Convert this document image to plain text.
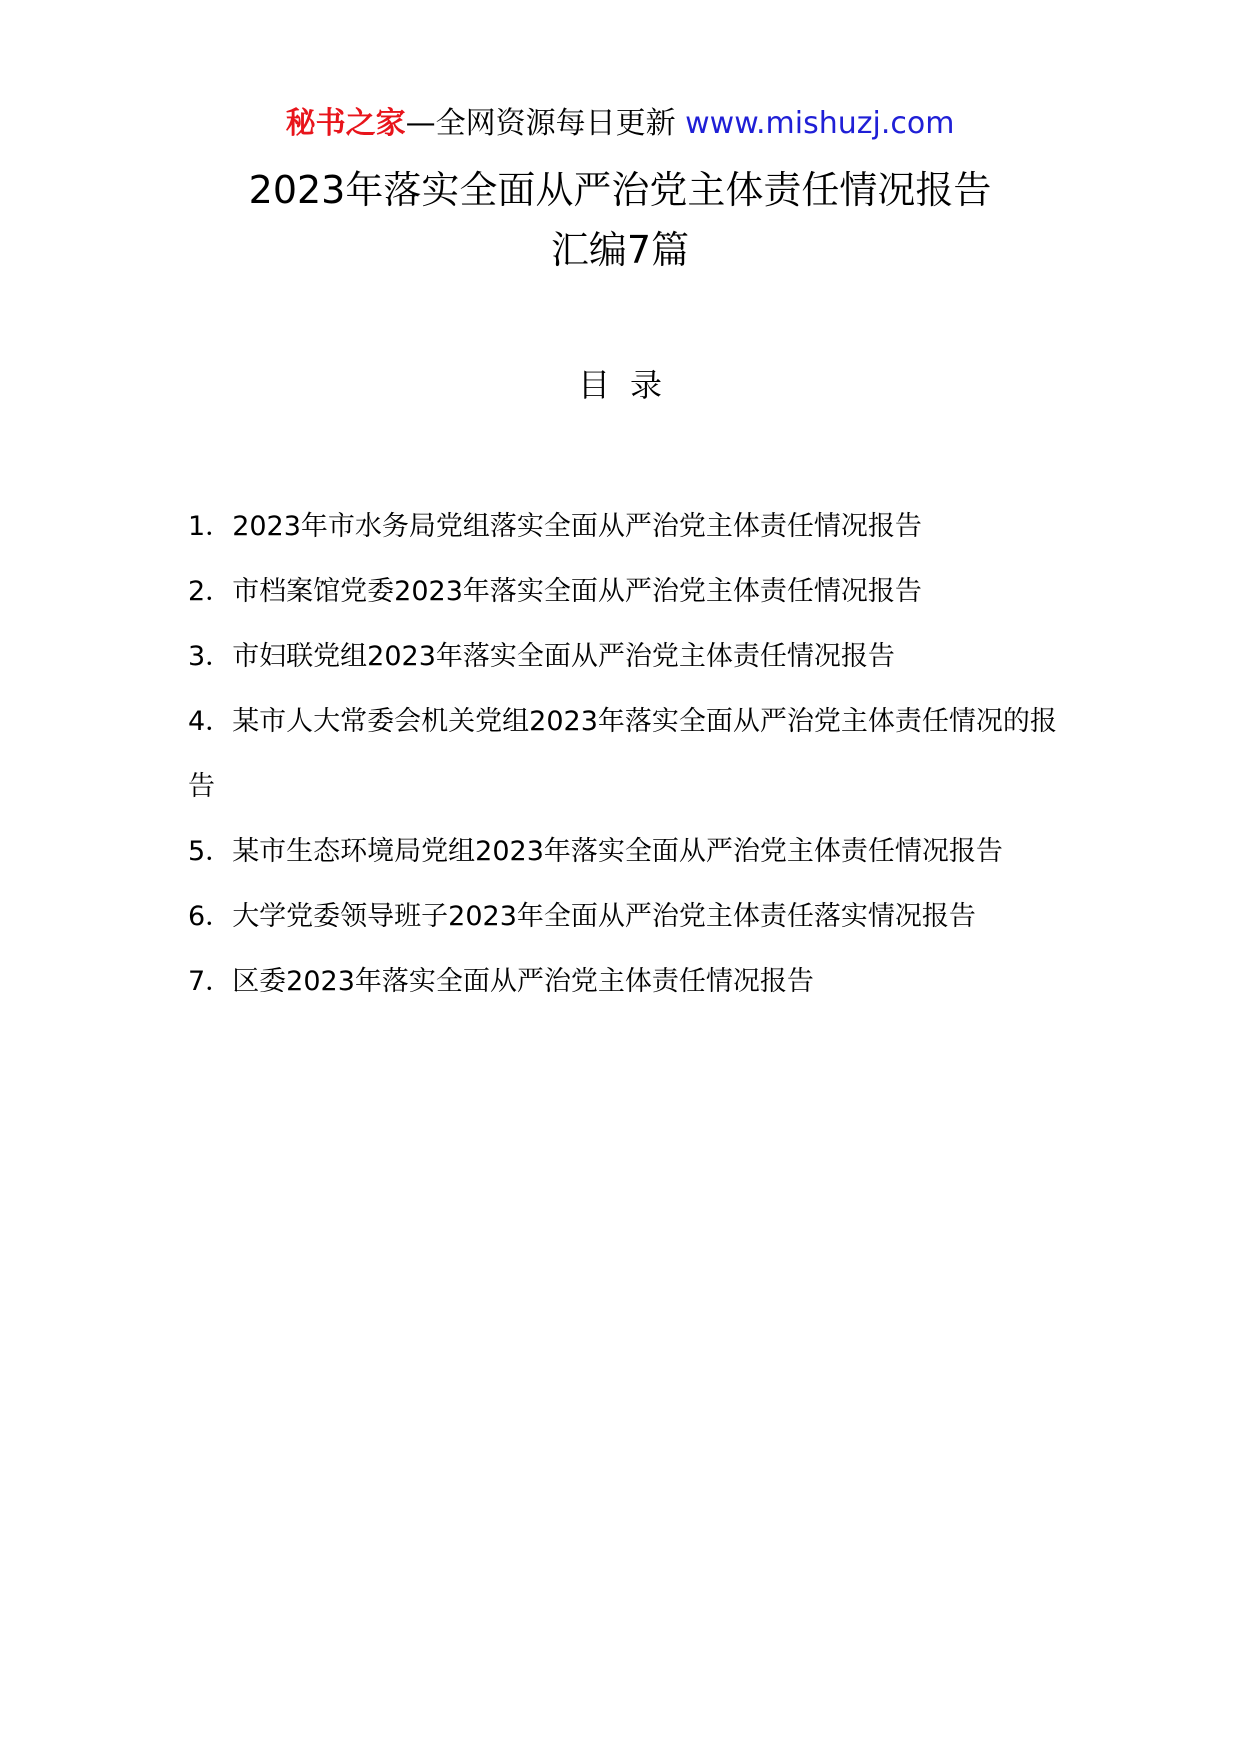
秘书之家—全网资源每日更新 www.mishuzj.com
2023年落实全面从严治党主体责任情况报告
汇编7篇
目录
1．2023年市水务局党组落实全面从严治党主体责任情况报告
2．市档案馆党委2023年落实全面从严治党主体责任情况报告
3．市妇联党组2023年落实全面从严治党主体责任情况报告
4．某市人大常委会机关党组2023年落实全面从严治党主体责任情况的报告
5．某市生态环境局党组2023年落实全面从严治党主体责任情况报告
6．大学党委领导班子2023年全面从严治党主体责任落实情况报告
7．区委2023年落实全面从严治党主体责任情况报告
